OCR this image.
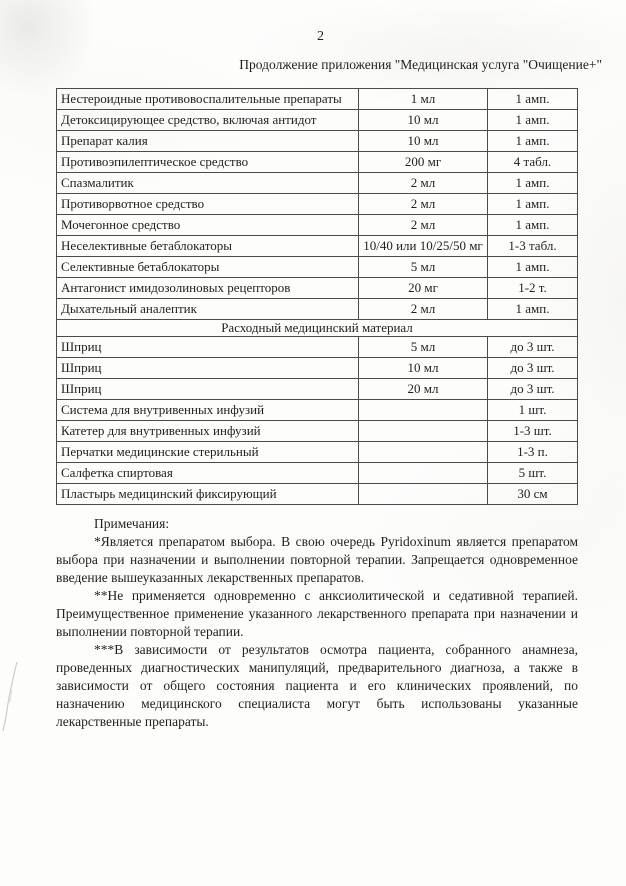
2
Продолжение приложения "Медицинская услуга "Очищение+"
Нестероидные противовоспалительные препараты	1 мл	1 амп.
Детоксицирующее средство, включая антидот	10 мл	1 амп.
Препарат калия	10 мл	1 амп.
Противоэпилептическое средство	200 мг	4 табл.
Спазмалитик	2 мл	1 амп.
Противорвотное средство	2 мл	1 амп.
Мочегонное средство	2 мл	1 амп.
Неселективные бетаблокаторы	10/40 или 10/25/50 мг	1-3 табл.
Селективные бетаблокаторы	5 мл	1 амп.
Антагонист имидозолиновых рецепторов	20 мг	1-2 т.
Дыхательный аналептик	2 мл	1 амп.
Расходный медицинский материал		
Шприц	5 мл	до 3 шт.
Шприц	10 мл	до 3 шт.
Шприц	20 мл	до 3 шт.
Система для внутривенных инфузий		1 шт.
Катетер для внутривенных инфузий		1-3 шт.
Перчатки медицинские стерильный		1-3 п.
Салфетка спиртовая		5 шт.
Пластырь медицинский фиксирующий		30 см
Примечания:

*Является препаратом выбора. В свою очередь Pyridoxinum является препаратом выбора при назначении и выполнении повторной терапии. Запрещается одновременное введение вышеуказанных лекарственных препаратов.

**Не применяется одновременно с анксиолитической и седативной терапией. Преимущественное применение указанного лекарственного препарата при назначении и выполнении повторной терапии.

***В зависимости от результатов осмотра пациента, собранного анамнеза, проведенных диагностических манипуляций, предварительного диагноза, а также в зависимости от общего состояния пациента и его клинических проявлений, по назначению медицинского специалиста могут быть использованы указанные лекарственные препараты.
